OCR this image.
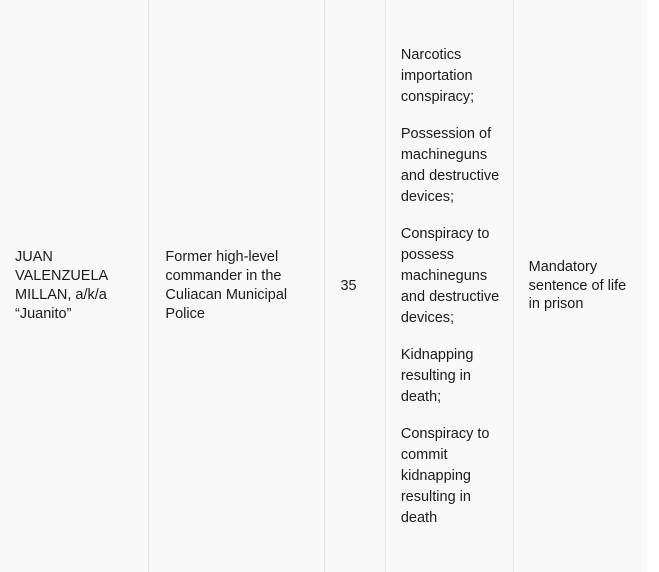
JUAN VALENZUELA MILLAN, a/k/a “Juanito”

Former high-level commander in the Culiacan Municipal Police

35

Narcotics importation conspiracy;
Possession of machineguns and destructive devices;
Conspiracy to possess machineguns and destructive devices;
Kidnapping resulting in death;
Conspiracy to commit kidnapping resulting in death

Mandatory sentence of life in prison
